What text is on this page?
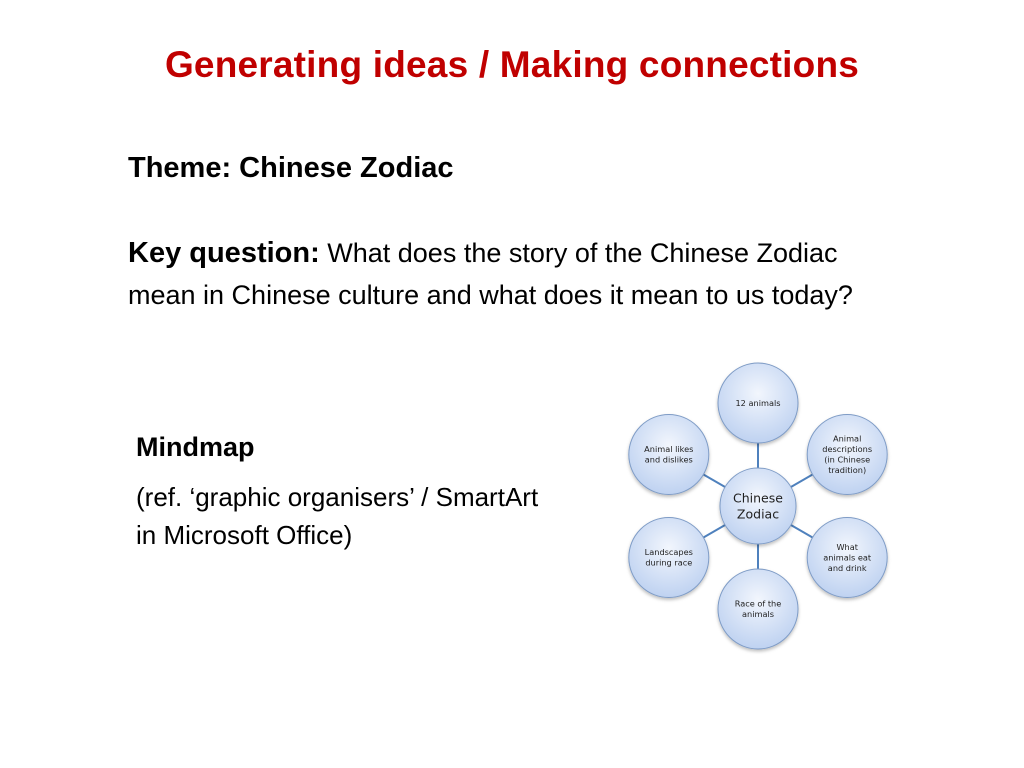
Generating ideas / Making connections
Theme: Chinese Zodiac
Key question: What does the story of the Chinese Zodiac mean in Chinese culture and what does it mean to us today?
Mindmap
(ref. ‘graphic organisers’ / SmartArt in Microsoft Office)
12 animals
Animal descriptions (in Chinese tradition)
What animals eat and drink
Race of the animals
Landscapes during race
Animal likes and dislikes
Chinese Zodiac
